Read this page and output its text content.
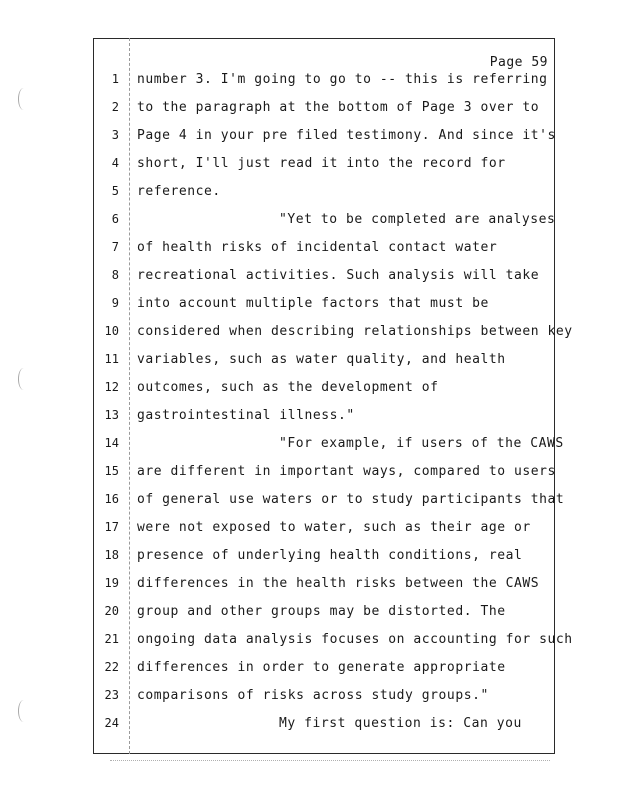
Page 59
1 number 3. I'm going to go to -- this is referring
2 to the paragraph at the bottom of Page 3 over to
3 Page 4 in your pre filed testimony. And since it's
4 short, I'll just read it into the record for
5 reference.
6	"Yet to be completed are analyses
7 of health risks of incidental contact water
8 recreational activities. Such analysis will take
9 into account multiple factors that must be
10 considered when describing relationships between key
11 variables, such as water quality, and health
12 outcomes, such as the development of
13 gastrointestinal illness."
14	"For example, if users of the CAWS
15 are different in important ways, compared to users
16 of general use waters or to study participants that
17 were not exposed to water, such as their age or
18 presence of underlying health conditions, real
19 differences in the health risks between the CAWS
20 group and other groups may be distorted. The
21 ongoing data analysis focuses on accounting for such
22 differences in order to generate appropriate
23 comparisons of risks across study groups."
24	My first question is: Can you
